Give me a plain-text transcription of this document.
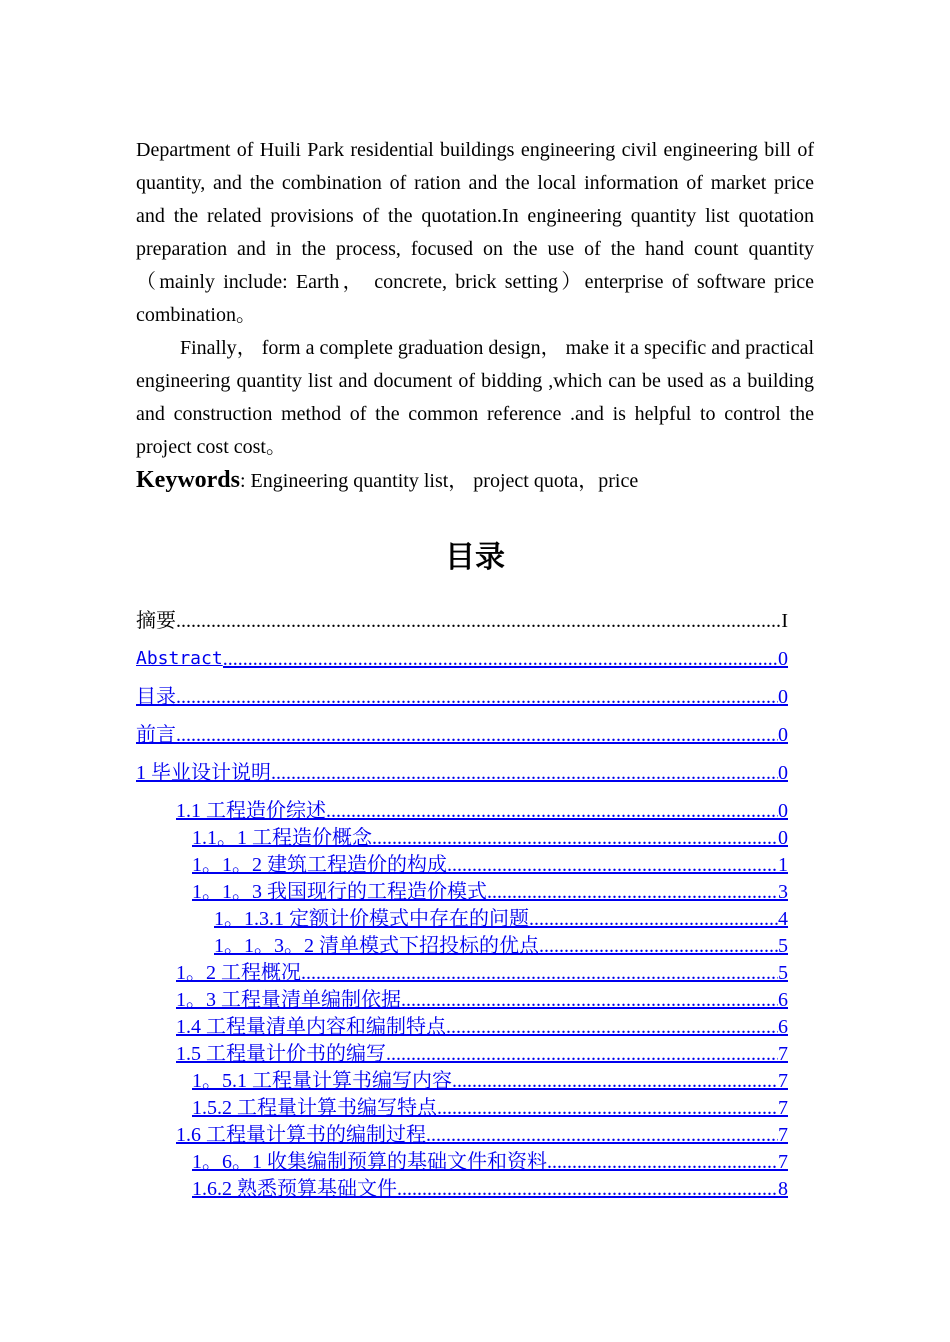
Department of Huili Park residential buildings engineering civil engineering bill of quantity, and the combination of ration and the local information of market price and the related provisions of the quotation.In engineering quantity list quotation preparation and in the process, focused on the use of the hand count quantity （mainly include: Earth， concrete, brick setting）enterprise of software price combination。

Finally， form a complete graduation design， make it a specific and practical engineering quantity list and document of bidding ,which can be used as a building and construction method of the common reference .and is helpful to control the project cost cost。

Keywords: Engineering quantity list， project quota，price

目录
摘要 .....	I
Abstract .....	0
目录 .....	0
前言 .....	0
1 毕业设计说明 .....	0
1.1 工程造价综述 .....	0
1.1。1 工程造价概念 .....	0
1。1。2 建筑工程造价的构成 .....	1
1。1。3 我国现行的工程造价模式 .....	3
1。1.3.1 定额计价模式中存在的问题 .....	4
1。1。3。2 清单模式下招投标的优点 .....	5
1。2 工程概况 .....	5
1。3 工程量清单编制依据 .....	6
1.4 工程量清单内容和编制特点 .....	6
1.5 工程量计价书的编写 .....	7
1。5.1 工程量计算书编写内容 .....	7
1.5.2 工程量计算书编写特点 .....	7
1.6 工程量计算书的编制过程 .....	7
1。6。1 收集编制预算的基础文件和资料 .....	7
1.6.2 熟悉预算基础文件 .....	8
